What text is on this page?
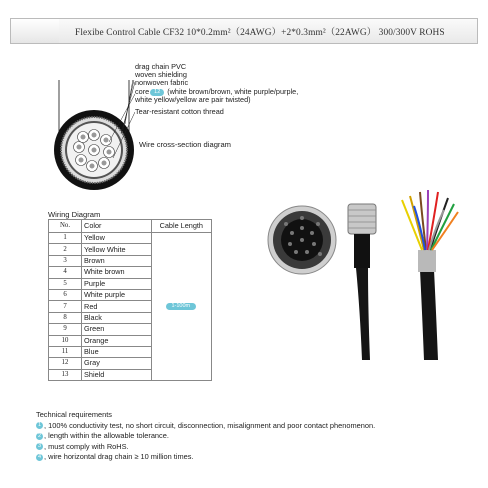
Flexibe Control Cable CF32 10*0.2mm²（24AWG）+2*0.3mm²（22AWG） 300/300V ROHS
drag chain PVC
woven shielding
nonwoven fabric
core 12 (white brown/brown, white purple/purple,
white yellow/yellow are pair twisted)
Tear-resistant cotton thread
Wire cross-section diagram
Wiring Diagram
No.	Color	Cable Length
1	Yellow	1-100m
2	Yellow White	
3	Brown	
4	White brown	
5	Purple	
6	White purple	
7	Red	
8	Black	
9	Green	
10	Orange	
11	Blue	
12	Gray	
13	Shield	
Technical requirements
1 , 100% conductivity test, no short circuit, disconnection, misalignment and poor contact phenomenon.
2 , length within the allowable tolerance.
3 , must comply with RoHS.
4 , wire horizontal drag chain ≥ 10 million times.
